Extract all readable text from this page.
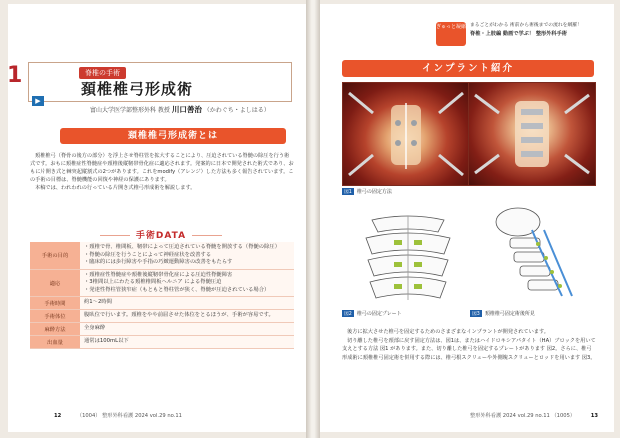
1	脊椎の手術
頚椎椎弓形成術
▶
富山大学医学部整形外科 教授 川口善治 （かわぐち・よしはる）
頚椎椎弓形成術とは

頚椎椎弓（脊骨の後方の部分）を浮上させ脊柱管を拡大することにより、圧迫されている脊髄の除圧を行う術式です。おもに頚椎症性脊髄症や頚椎後縦靭帯骨化症に適応されます。発案的に日本で開発された術式であり、おもに片開き式と棘突起縦割式の2つがあります。これをmodify（アレンジ）した方法も多く報告されています。この手術の目標は、脊髄機能の回復や神経の保護にあります。

本稿では、われわれの行っている片開き式椎弓形成術を解説します。

手術DATA
手術の目的	・頚椎で骨、椎間板、靭帯によって圧迫されている脊髄を開放する（脊髄の除圧）
・脊髄の除圧を行うことによって神経症状を改善する
・臨床的には歩行障害や手指の巧緻運動障害の改善をもたらす

適応	・頚椎症性脊髄症や頚椎後縦靭帯骨化症による圧迫性脊髄障害
・3椎間以上にわたる頚椎椎間板ヘルニア による脊髄圧迫
・発達性脊柱管狭窄症（もともと脊柱管が狭く、脊髄が圧迫されている場合）

手術時間	約1〜2時間

手術体位	腹臥位で行います。頚椎をやや前屈させた体位をとるほうが、手術が容易です。

麻酔方法	全身麻酔

出血量	通常は100mL以下
12	（1004） 整形外科看護 2024 vol.29 no.11
ぎゅっと凝縮 まるごとがわかる 術前から術後までの流れを網羅！
脊椎・上肢編 動画で学ぶ！ 整形外科手術
インプラント紹介
図1 椎弓の固定方法
図2 椎弓の固定プレート	図3 頚椎椎弓固定術後所見

後方に拡大させた椎弓を固定するためのさまざまなインプラントが開発されています。

切り離した椎弓を頚部に戻す固定方法は、図1は、またはハイドロキシアパタイト（HA）ブロックを用いて支えとする方法 図1 があります。また、切り離した椎弓を固定するプレートがあります 図2。さらに、椎弓形成術に頚椎椎弓固定術を併用する際には、椎弓根スクリューや外側塊スクリューとロッドを用います 図3。

整形外科看護 2024 vol.29 no.11 （1005）	13
